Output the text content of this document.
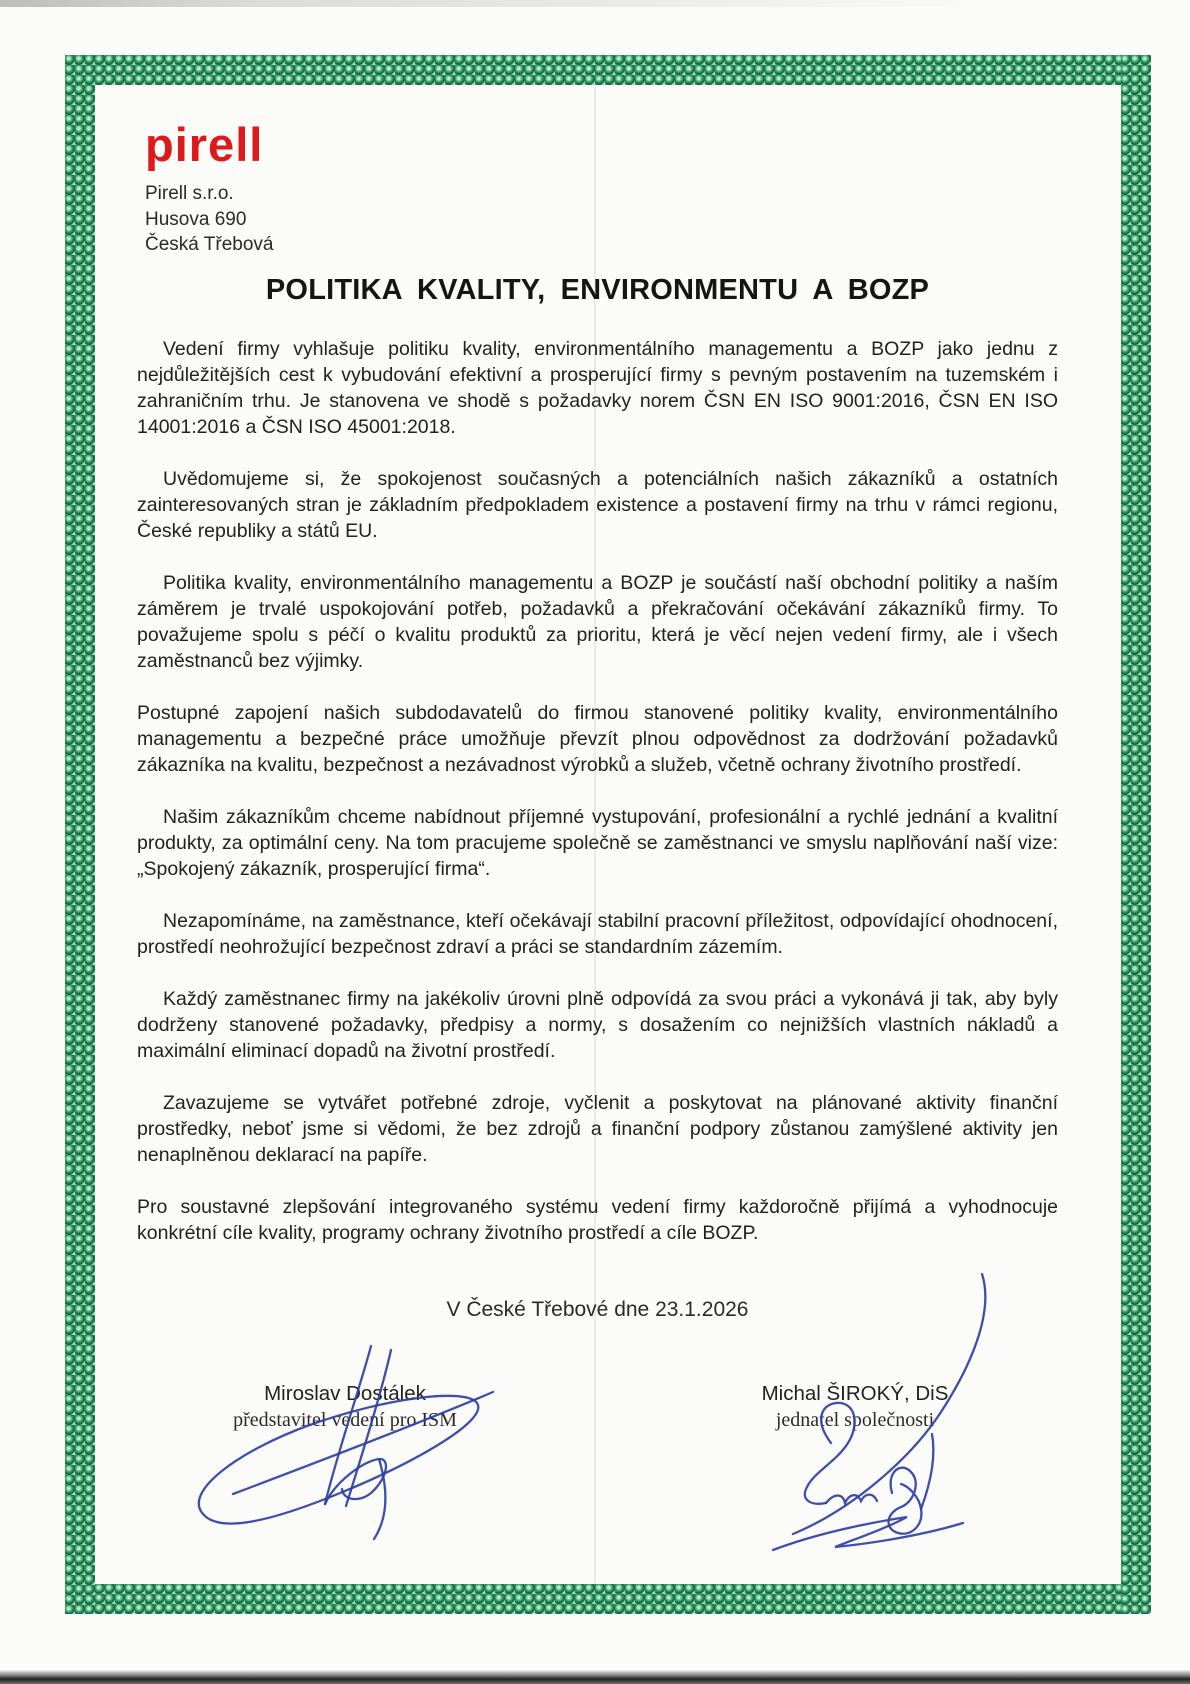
pirell
Pirell s.r.o.
Husova 690
Česká Třebová
POLITIKA KVALITY, ENVIRONMENTU A BOZP

Vedení firmy vyhlašuje politiku kvality, environmentálního managementu a BOZP jako jednu z nejdůležitějších cest k vybudování efektivní a prosperující firmy s pevným postavením na tuzemském i zahraničním trhu. Je stanovena ve shodě s požadavky norem ČSN EN ISO 9001:2016, ČSN EN ISO 14001:2016 a ČSN ISO 45001:2018.

Uvědomujeme si, že spokojenost současných a potenciálních našich zákazníků a ostatních zainteresovaných stran je základním předpokladem existence a postavení firmy na trhu v rámci regionu, České republiky a států EU.

Politika kvality, environmentálního managementu a BOZP je součástí naší obchodní politiky a naším záměrem je trvalé uspokojování potřeb, požadavků a překračování očekávání zákazníků firmy. To považujeme spolu s péčí o kvalitu produktů za prioritu, která je věcí nejen vedení firmy, ale i všech zaměstnanců bez výjimky.

Postupné zapojení našich subdodavatelů do firmou stanovené politiky kvality, environmentálního managementu a bezpečné práce umožňuje převzít plnou odpovědnost za dodržování požadavků zákazníka na kvalitu, bezpečnost a nezávadnost výrobků a služeb, včetně ochrany životního prostředí.

Našim zákazníkům chceme nabídnout příjemné vystupování, profesionální a rychlé jednání a kvalitní produkty, za optimální ceny. Na tom pracujeme společně se zaměstnanci ve smyslu naplňování naší vize: „Spokojený zákazník, prosperující firma“.

Nezapomínáme, na zaměstnance, kteří očekávají stabilní pracovní příležitost, odpovídající ohodnocení, prostředí neohrožující bezpečnost zdraví a práci se standardním zázemím.

Každý zaměstnanec firmy na jakékoliv úrovni plně odpovídá za svou práci a vykonává ji tak, aby byly dodrženy stanovené požadavky, předpisy a normy, s dosažením co nejnižších vlastních nákladů a maximální eliminací dopadů na životní prostředí.

Zavazujeme se vytvářet potřebné zdroje, vyčlenit a poskytovat na plánované aktivity finanční prostředky, neboť jsme si vědomi, že bez zdrojů a finanční podpory zůstanou zamýšlené aktivity jen nenaplněnou deklarací na papíře.

Pro soustavné zlepšování integrovaného systému vedení firmy každoročně přijímá a vyhodnocuje konkrétní cíle kvality, programy ochrany životního prostředí a cíle BOZP.

V České Třebové dne 23.1.2026
Miroslav Dostálek
představitel vedení pro ISM
Michal ŠIROKÝ, DiS
jednatel společnosti
